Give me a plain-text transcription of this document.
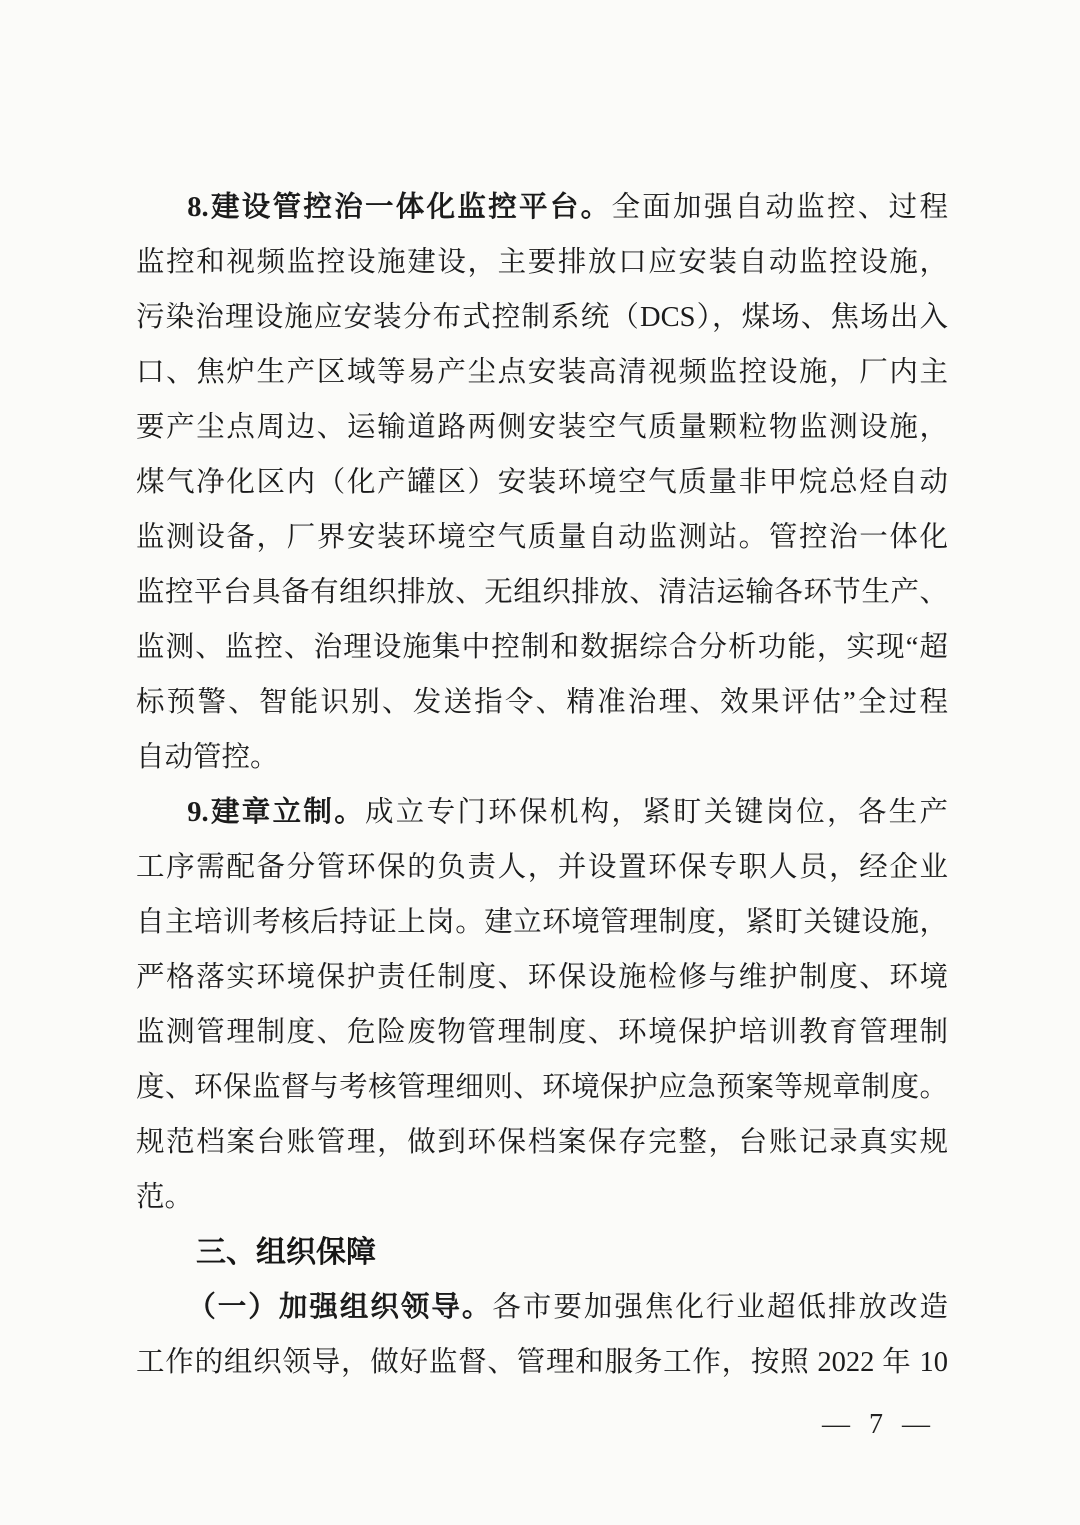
8.建设管控治一体化监控平台。全面加强自动监控、过程
监控和视频监控设施建设，主要排放口应安装自动监控设施，
污染治理设施应安装分布式控制系统（DCS），煤场、焦场出入
口、焦炉生产区域等易产尘点安装高清视频监控设施，厂内主
要产尘点周边、运输道路两侧安装空气质量颗粒物监测设施，
煤气净化区内（化产罐区）安装环境空气质量非甲烷总烃自动
监测设备，厂界安装环境空气质量自动监测站。管控治一体化
监控平台具备有组织排放、无组织排放、清洁运输各环节生产、
监测、监控、治理设施集中控制和数据综合分析功能，实现“超
标预警、智能识别、发送指令、精准治理、效果评估”全过程
自动管控。
9.建章立制。成立专门环保机构，紧盯关键岗位，各生产
工序需配备分管环保的负责人，并设置环保专职人员，经企业
自主培训考核后持证上岗。建立环境管理制度，紧盯关键设施，
严格落实环境保护责任制度、环保设施检修与维护制度、环境
监测管理制度、危险废物管理制度、环境保护培训教育管理制
度、环保监督与考核管理细则、环境保护应急预案等规章制度。
规范档案台账管理，做到环保档案保存完整，台账记录真实规
范。
三、组织保障
（一）加强组织领导。各市要加强焦化行业超低排放改造
工作的组织领导，做好监督、管理和服务工作，按照 2022 年 10
— 7 —
